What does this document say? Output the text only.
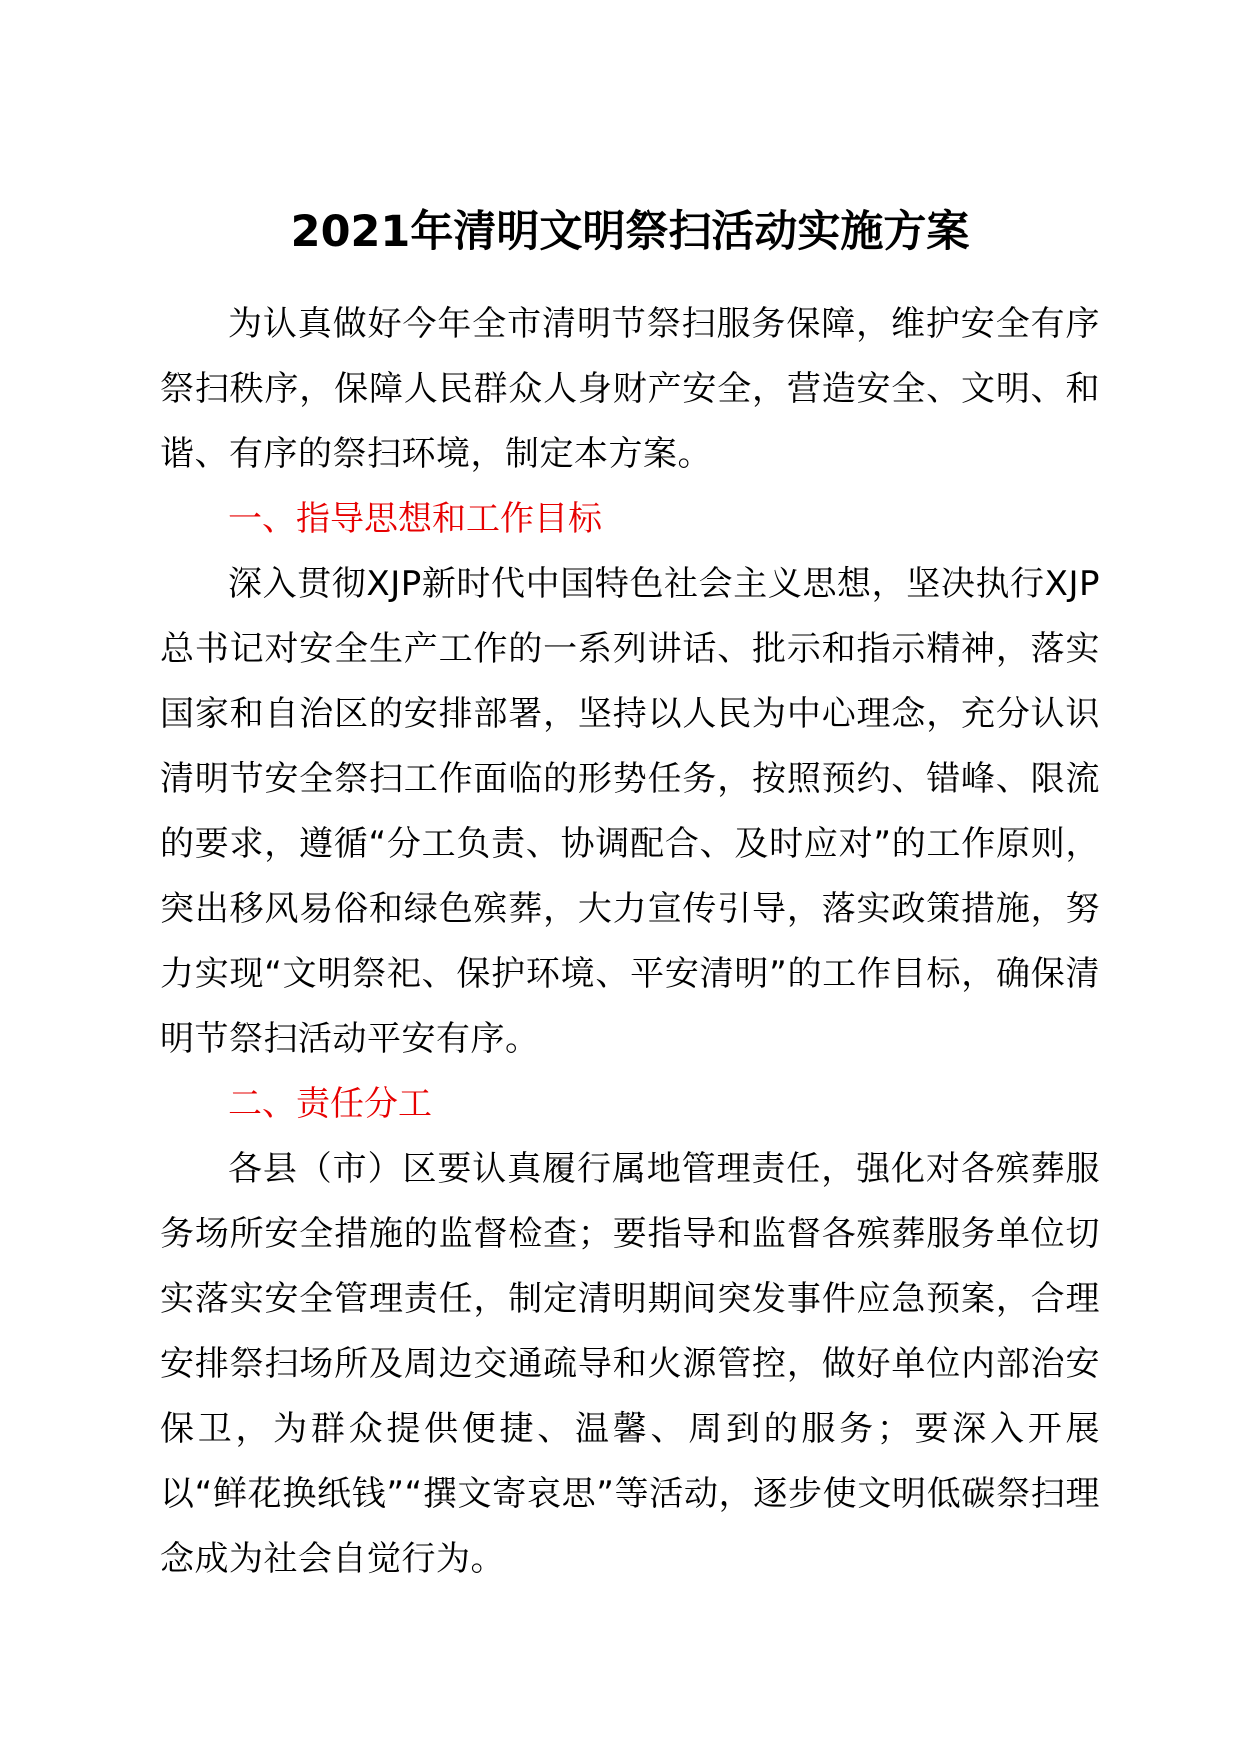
2021年清明文明祭扫活动实施方案

为认真做好今年全市清明节祭扫服务保障，维护安全有序祭扫秩序，保障人民群众人身财产安全，营造安全、文明、和谐、有序的祭扫环境，制定本方案。

一、指导思想和工作目标

深入贯彻XJP新时代中国特色社会主义思想，坚决执行XJP总书记对安全生产工作的一系列讲话、批示和指示精神，落实国家和自治区的安排部署，坚持以人民为中心理念，充分认识清明节安全祭扫工作面临的形势任务，按照预约、错峰、限流的要求，遵循“分工负责、协调配合、及时应对”的工作原则，突出移风易俗和绿色殡葬，大力宣传引导，落实政策措施，努力实现“文明祭祀、保护环境、平安清明”的工作目标，确保清明节祭扫活动平安有序。

二、责任分工

各县（市）区要认真履行属地管理责任，强化对各殡葬服务场所安全措施的监督检查；要指导和监督各殡葬服务单位切实落实安全管理责任，制定清明期间突发事件应急预案，合理安排祭扫场所及周边交通疏导和火源管控，做好单位内部治安保卫，为群众提供便捷、温馨、周到的服务；要深入开展以“鲜花换纸钱”“撰文寄哀思”等活动，逐步使文明低碳祭扫理念成为社会自觉行为。
